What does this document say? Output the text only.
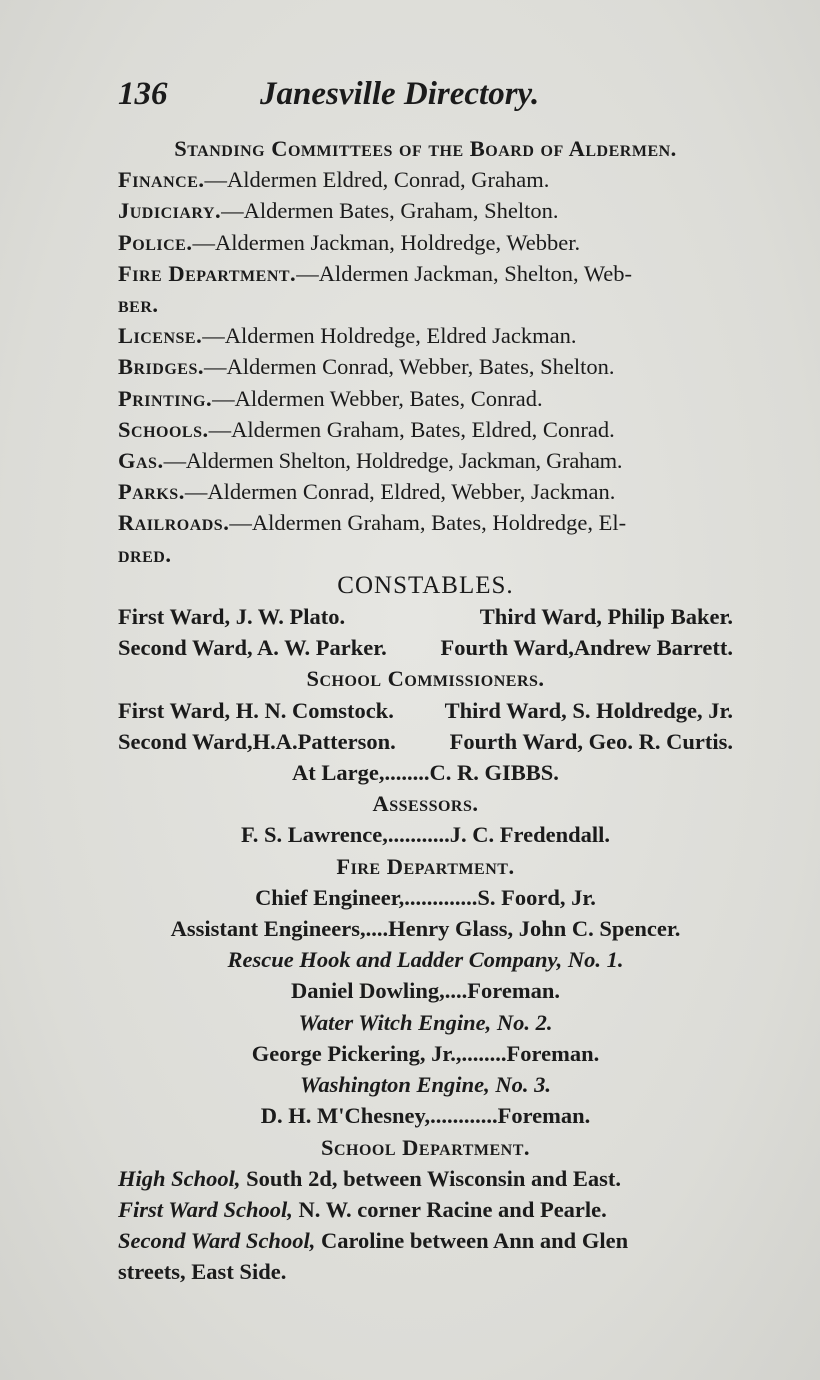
136	Janesville Directory.
Standing Committees of the Board of Aldermen.
Finance.—Aldermen Eldred, Conrad, Graham.
Judiciary.—Aldermen Bates, Graham, Shelton.
Police.—Aldermen Jackman, Holdredge, Webber.
Fire Department.—Aldermen Jackman, Shelton, Web-
ber.
License.—Aldermen Holdredge, Eldred Jackman.
Bridges.—Aldermen Conrad, Webber, Bates, Shelton.
Printing.—Aldermen Webber, Bates, Conrad.
Schools.—Aldermen Graham, Bates, Eldred, Conrad.
Gas.—Aldermen Shelton, Holdredge, Jackman, Graham.
Parks.—Aldermen Conrad, Eldred, Webber, Jackman.
Railroads.—Aldermen Graham, Bates, Holdredge, El-
dred.
CONSTABLES.
First Ward, J. W. Plato.	Third Ward, Philip Baker.
Second Ward, A. W. Parker. Fourth Ward,Andrew Barrett.
School Commissioners.
First Ward, H. N. Comstock. Third Ward, S. Holdredge, Jr.
Second Ward,H.A.Patterson. Fourth Ward, Geo. R. Curtis.
At Large,........C. R. GIBBS.
Assessors.
F. S. Lawrence,...........J. C. Fredendall.
Fire Department.
Chief Engineer,.............S. Foord, Jr.
Assistant Engineers,....Henry Glass, John C. Spencer.
Rescue Hook and Ladder Company, No. 1.
Daniel Dowling,....Foreman.
Water Witch Engine, No. 2.
George Pickering, Jr.,........Foreman.
Washington Engine, No. 3.
D. H. M'Chesney,............Foreman.
School Department.
High School, South 2d, between Wisconsin and East.
First Ward School, N. W. corner Racine and Pearle.
Second Ward School, Caroline between Ann and Glen
streets, East Side.
